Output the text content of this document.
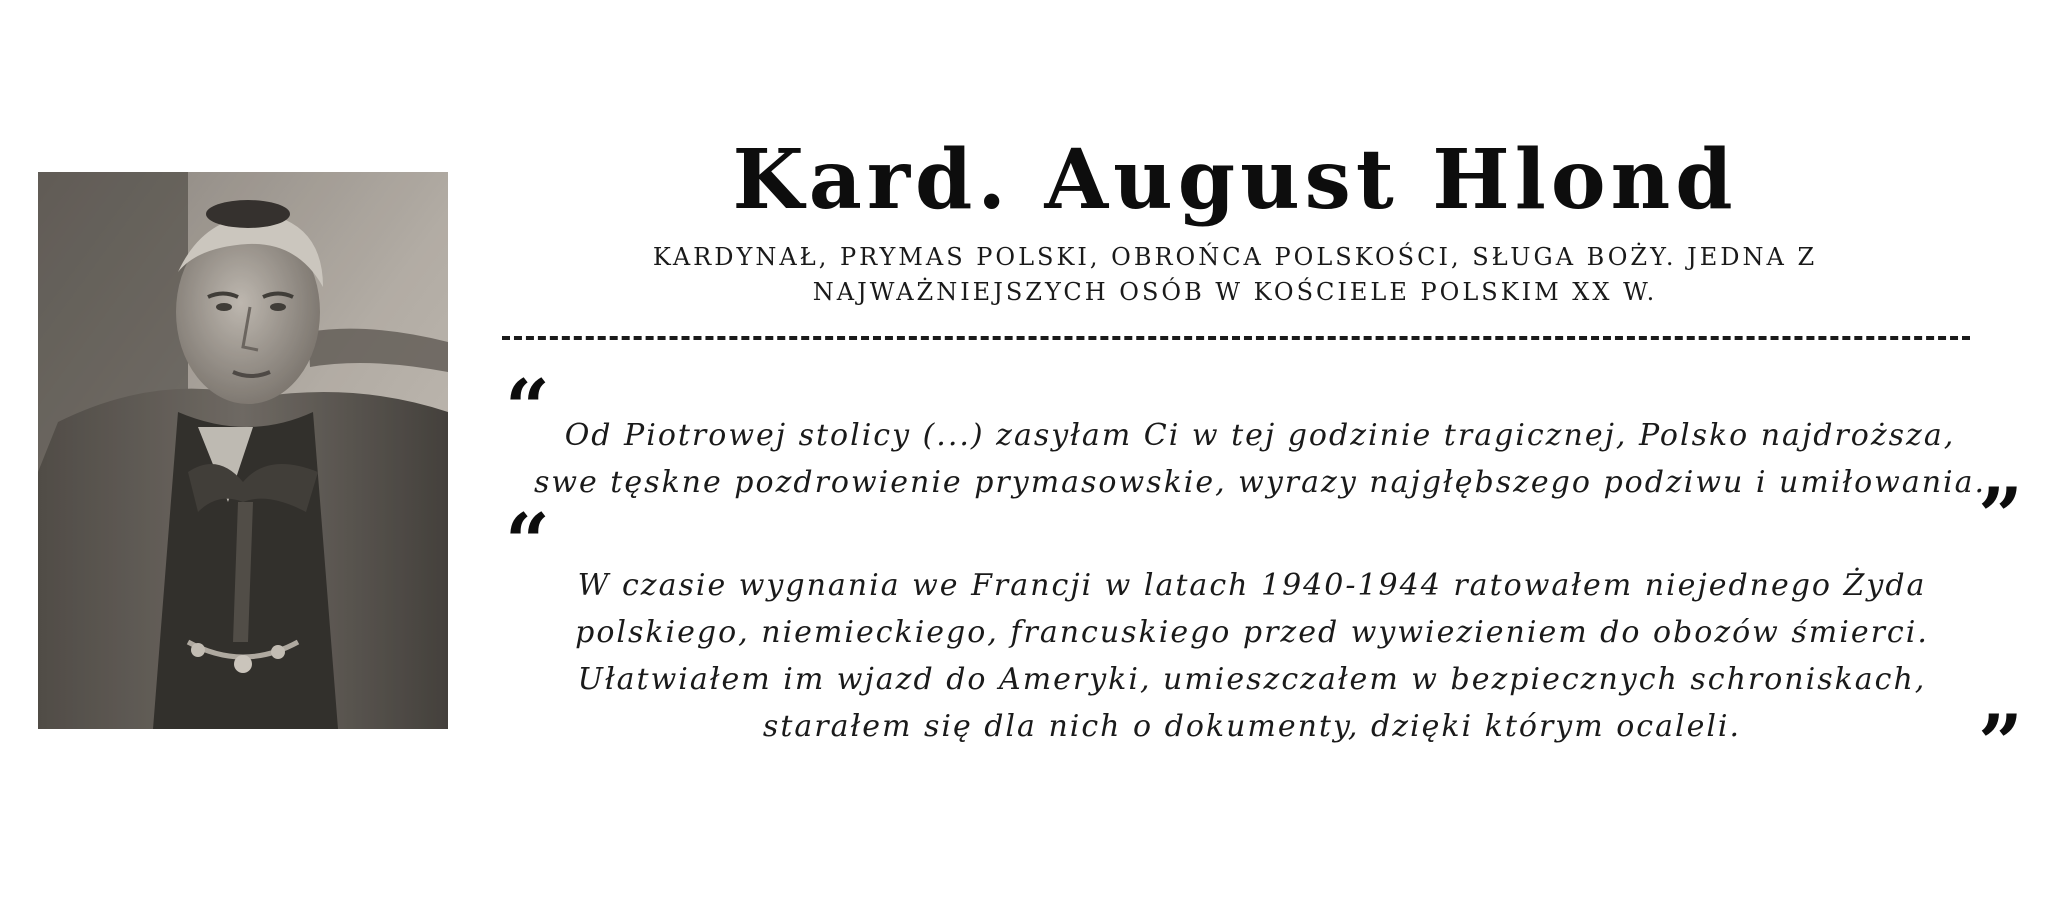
Kard. August Hlond
KARDYNAŁ, PRYMAS POLSKI, OBROŃCA POLSKOŚCI, SŁUGA BOŻY. JEDNA Z NAJWAŻNIEJSZYCH OSÓB W KOŚCIELE POLSKIM XX W.
“ Od Piotrowej stolicy (...) zasyłam Ci w tej godzinie tragicznej, Polsko najdroższa, swe tęskne pozdrowienie prymasowskie, wyrazy najgłębszego podziwu i umiłowania.
”
“ W czasie wygnania we Francji w latach 1940-1944 ratowałem niejednego Żyda polskiego, niemieckiego, francuskiego przed wywiezieniem do obozów śmierci. Ułatwiałem im wjazd do Ameryki, umieszczałem w bezpiecznych schroniskach, starałem się dla nich o dokumenty, dzięki którym ocaleli.	”
